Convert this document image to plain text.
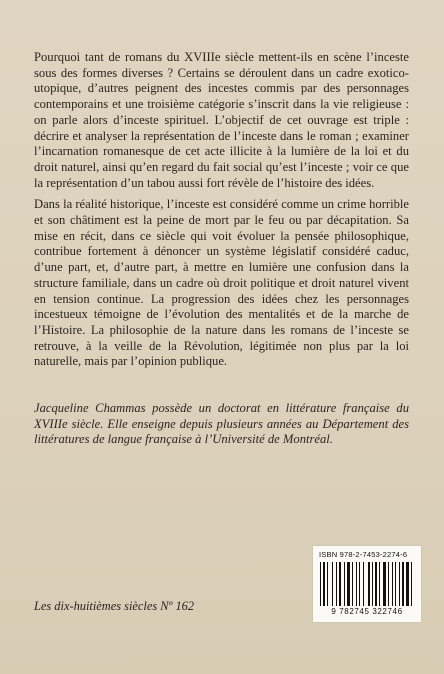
Pourquoi tant de romans du XVIIIe siècle mettent-ils en scène l’inceste sous des formes diverses ? Certains se déroulent dans un cadre exotico-utopique, d’autres peignent des incestes commis par des personnages contemporains et une troisième catégorie s’inscrit dans la vie religieuse : on parle alors d’inceste spirituel. L’objectif de cet ouvrage est triple : décrire et analyser la représentation de l’inceste dans le roman ; examiner l’incarnation romanesque de cet acte illicite à la lumière de la loi et du droit naturel, ainsi qu’en regard du fait social qu’est l’inceste ; voir ce que la représentation d’un tabou aussi fort révèle de l’histoire des idées.

Dans la réalité historique, l’inceste est considéré comme un crime horrible et son châtiment est la peine de mort par le feu ou par décapitation. Sa mise en récit, dans ce siècle qui voit évoluer la pensée philosophique, contribue fortement à dénoncer un système législatif considéré caduc, d’une part, et, d’autre part, à mettre en lumière une confusion dans la structure familiale, dans un cadre où droit politique et droit naturel vivent en tension continue. La progression des idées chez les personnages incestueux témoigne de l’évolution des mentalités et de la marche de l’Histoire. La philosophie de la nature dans les romans de l’inceste se retrouve, à la veille de la Révolution, légitimée non plus par la loi naturelle, mais par l’opinion publique.

Jacqueline Chammas possède un doctorat en littérature française du XVIIIe siècle. Elle enseigne depuis plusieurs années au Département des littératures de langue française à l’Université de Montréal.

Les dix-huitièmes siècles Nº 162
ISBN 978-2-7453-2274-6
9 782745 322746
